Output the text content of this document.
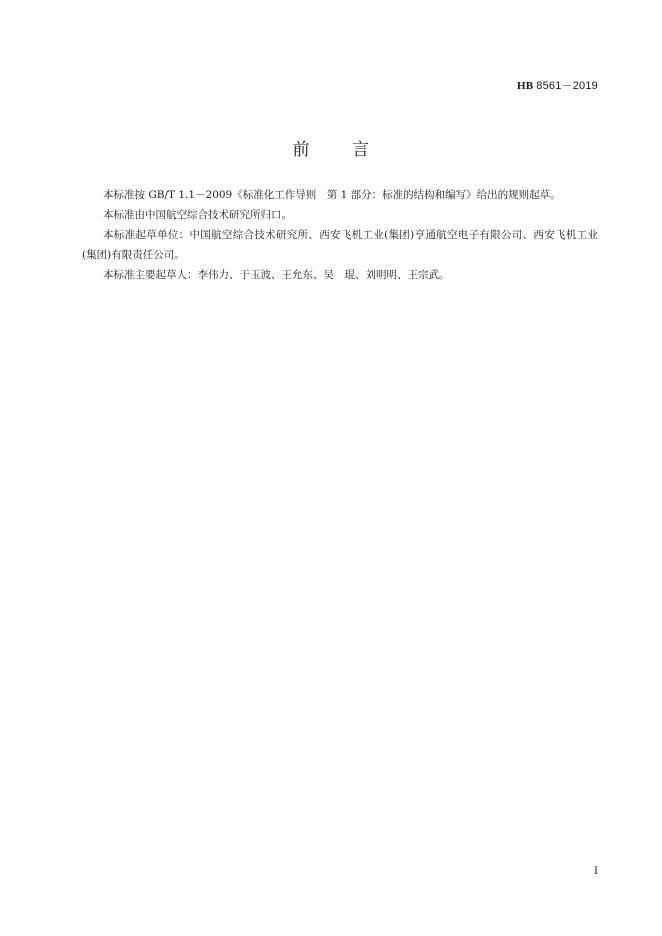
HB 8561－2019
前 言

本标准按 GB/T 1.1－2009《标准化工作导则　第 1 部分：标准的结构和编写》给出的规则起草。

本标准由中国航空综合技术研究所归口。

本标准起草单位：中国航空综合技术研究所、西安飞机工业(集团)亨通航空电子有限公司、西安飞机工业(集团)有限责任公司。

本标准主要起草人：李伟力、于玉波、王允东、吴　琨、刘明明、王宗武。

I
